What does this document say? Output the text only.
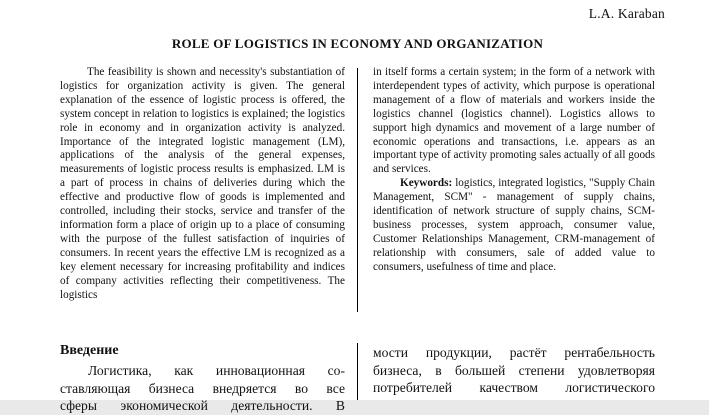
L.A. Karaban
ROLE OF LOGISTICS IN ECONOMY AND ORGANIZATION

The feasibility is shown and necessity's substantiation of logistics for organization activity is given. The general explanation of the essence of logistic process is offered, the system concept in relation to logistics is explained; the logistics role in economy and in organization activity is analyzed. Importance of the integrated logistic management (LM), applications of the analysis of the general expenses, measurements of logistic process results is emphasized. LM is a part of process in chains of deliveries during which the effective and productive flow of goods is implemented and controlled, including their stocks, service and transfer of the information form a place of origin up to a place of consuming with the purpose of the fullest satisfaction of inquiries of consumers. In recent years the effective LM is recognized as a key element necessary for increasing profitability and indices of company activities reflecting their competitiveness. The logistics

in itself forms a certain system; in the form of a network with interdependent types of activity, which purpose is operational management of a flow of materials and workers inside the logistics channel (logistics channel). Logistics allows to support high dynamics and movement of a large number of economic operations and transactions, i.e. appears as an important type of activity promoting sales actually of all goods and services.

Keywords: logistics, integrated logistics, "Supply Chain Management, SCM" - management of supply chains, identification of network structure of supply chains, SCM-business processes, system approach, consumer value, Customer Relationships Management, CRM-management of relationship with consumers, sale of added value to consumers, usefulness of time and place.

Введение
Логистика, как инновационная со-
ставляющая бизнеса внедряется во все
сферы экономической деятельности. В
мости продукции, растёт рентабельность
бизнеса, в большей степени удовлетворяя
потребителей качеством логистического
